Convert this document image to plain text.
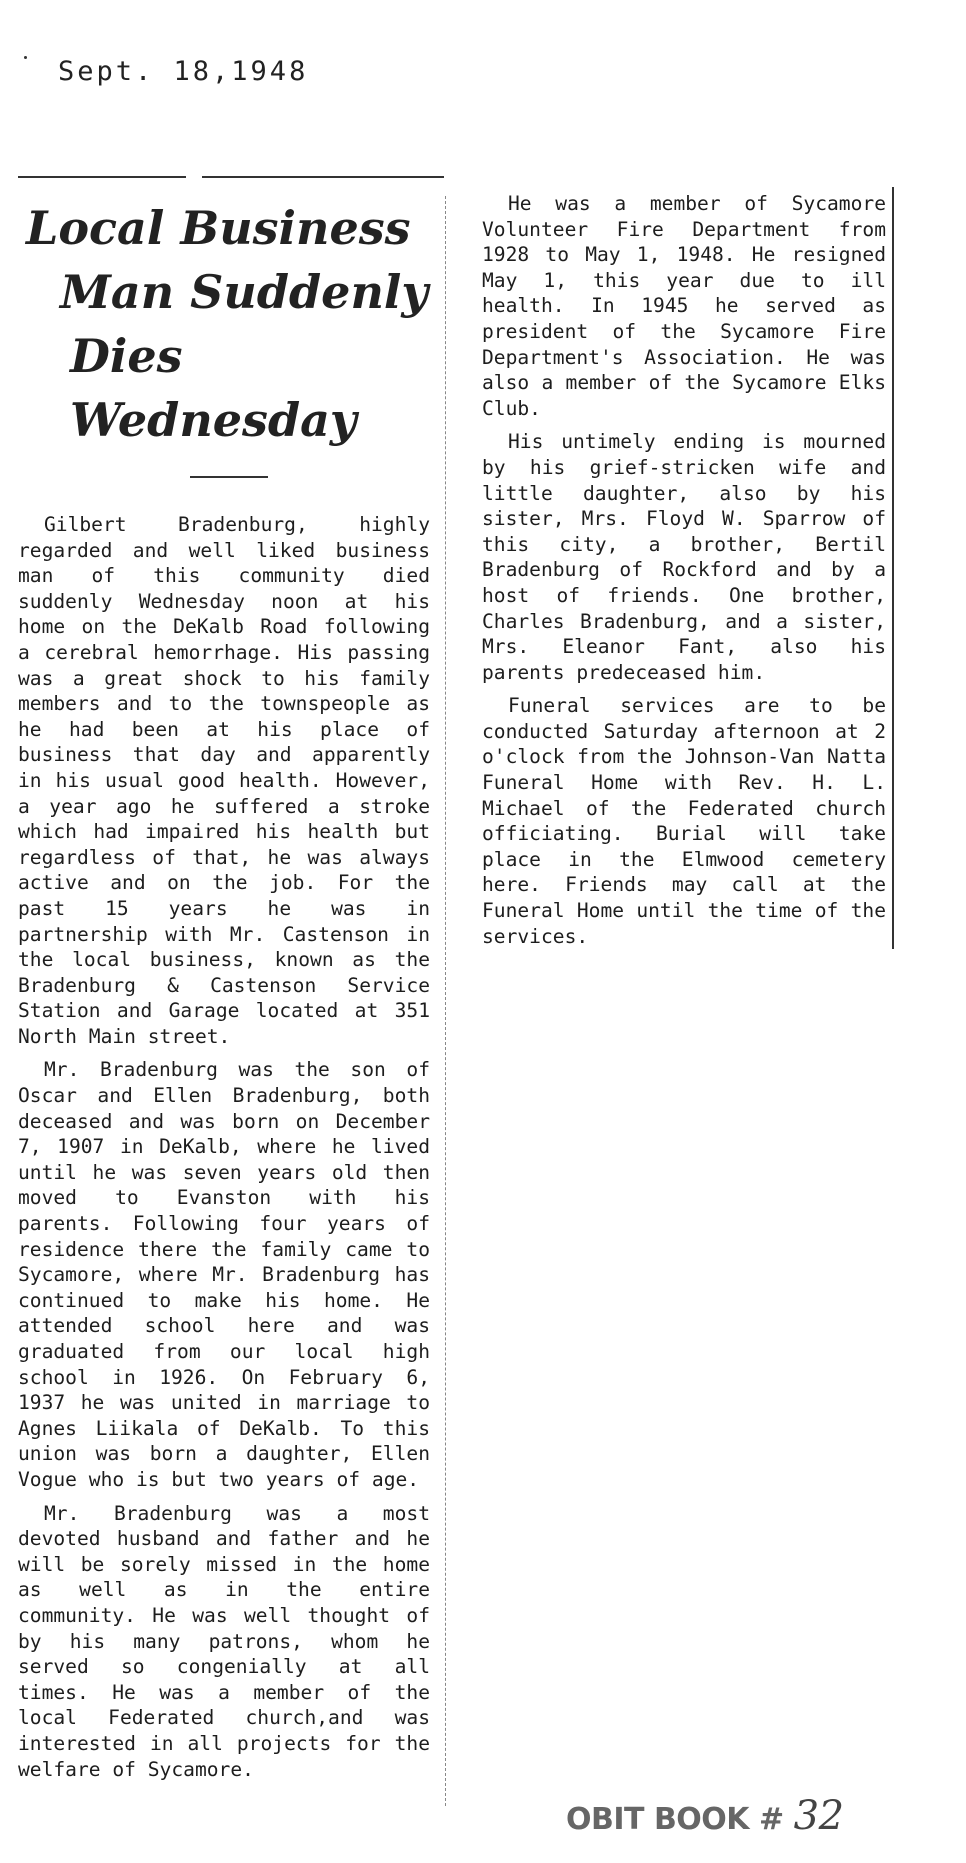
Sept. 18,1948
Local Business
Man Suddenly
Dies Wednesday

Gilbert Bradenburg, highly regarded and well liked business man of this community died suddenly Wednesday noon at his home on the DeKalb Road following a cerebral hemorrhage. His passing was a great shock to his family members and to the townspeople as he had been at his place of business that day and apparently in his usual good health. However, a year ago he suffered a stroke which had impaired his health but regardless of that, he was always active and on the job. For the past 15 years he was in partnership with Mr. Castenson in the local business, known as the Bradenburg & Castenson Service Station and Garage located at 351 North Main street.

Mr. Bradenburg was the son of Oscar and Ellen Bradenburg, both deceased and was born on December 7, 1907 in DeKalb, where he lived until he was seven years old then moved to Evanston with his parents. Following four years of residence there the family came to Sycamore, where Mr. Bradenburg has continued to make his home. He attended school here and was graduated from our local high school in 1926. On February 6, 1937 he was united in marriage to Agnes Liikala of DeKalb. To this union was born a daughter, Ellen Vogue who is but two years of age.

Mr. Bradenburg was a most devoted husband and father and he will be sorely missed in the home as well as in the entire community. He was well thought of by his many patrons, whom he served so congenially at all times. He was a member of the local Federated church,and was interested in all projects for the welfare of Sycamore.

He was a member of Sycamore Volunteer Fire Department from 1928 to May 1, 1948. He resigned May 1, this year due to ill health. In 1945 he served as president of the Sycamore Fire Department's Association. He was also a member of the Sycamore Elks Club.

His untimely ending is mourned by his grief-stricken wife and little daughter, also by his sister, Mrs. Floyd W. Sparrow of this city, a brother, Bertil Bradenburg of Rockford and by a host of friends. One brother, Charles Bradenburg, and a sister, Mrs. Eleanor Fant, also his parents predeceased him.

Funeral services are to be conducted Saturday afternoon at 2 o'clock from the Johnson-Van Natta Funeral Home with Rev. H. L. Michael of the Federated church officiating. Burial will take place in the Elmwood cemetery here. Friends may call at the Funeral Home until the time of the services.

OBIT BOOK # 32
